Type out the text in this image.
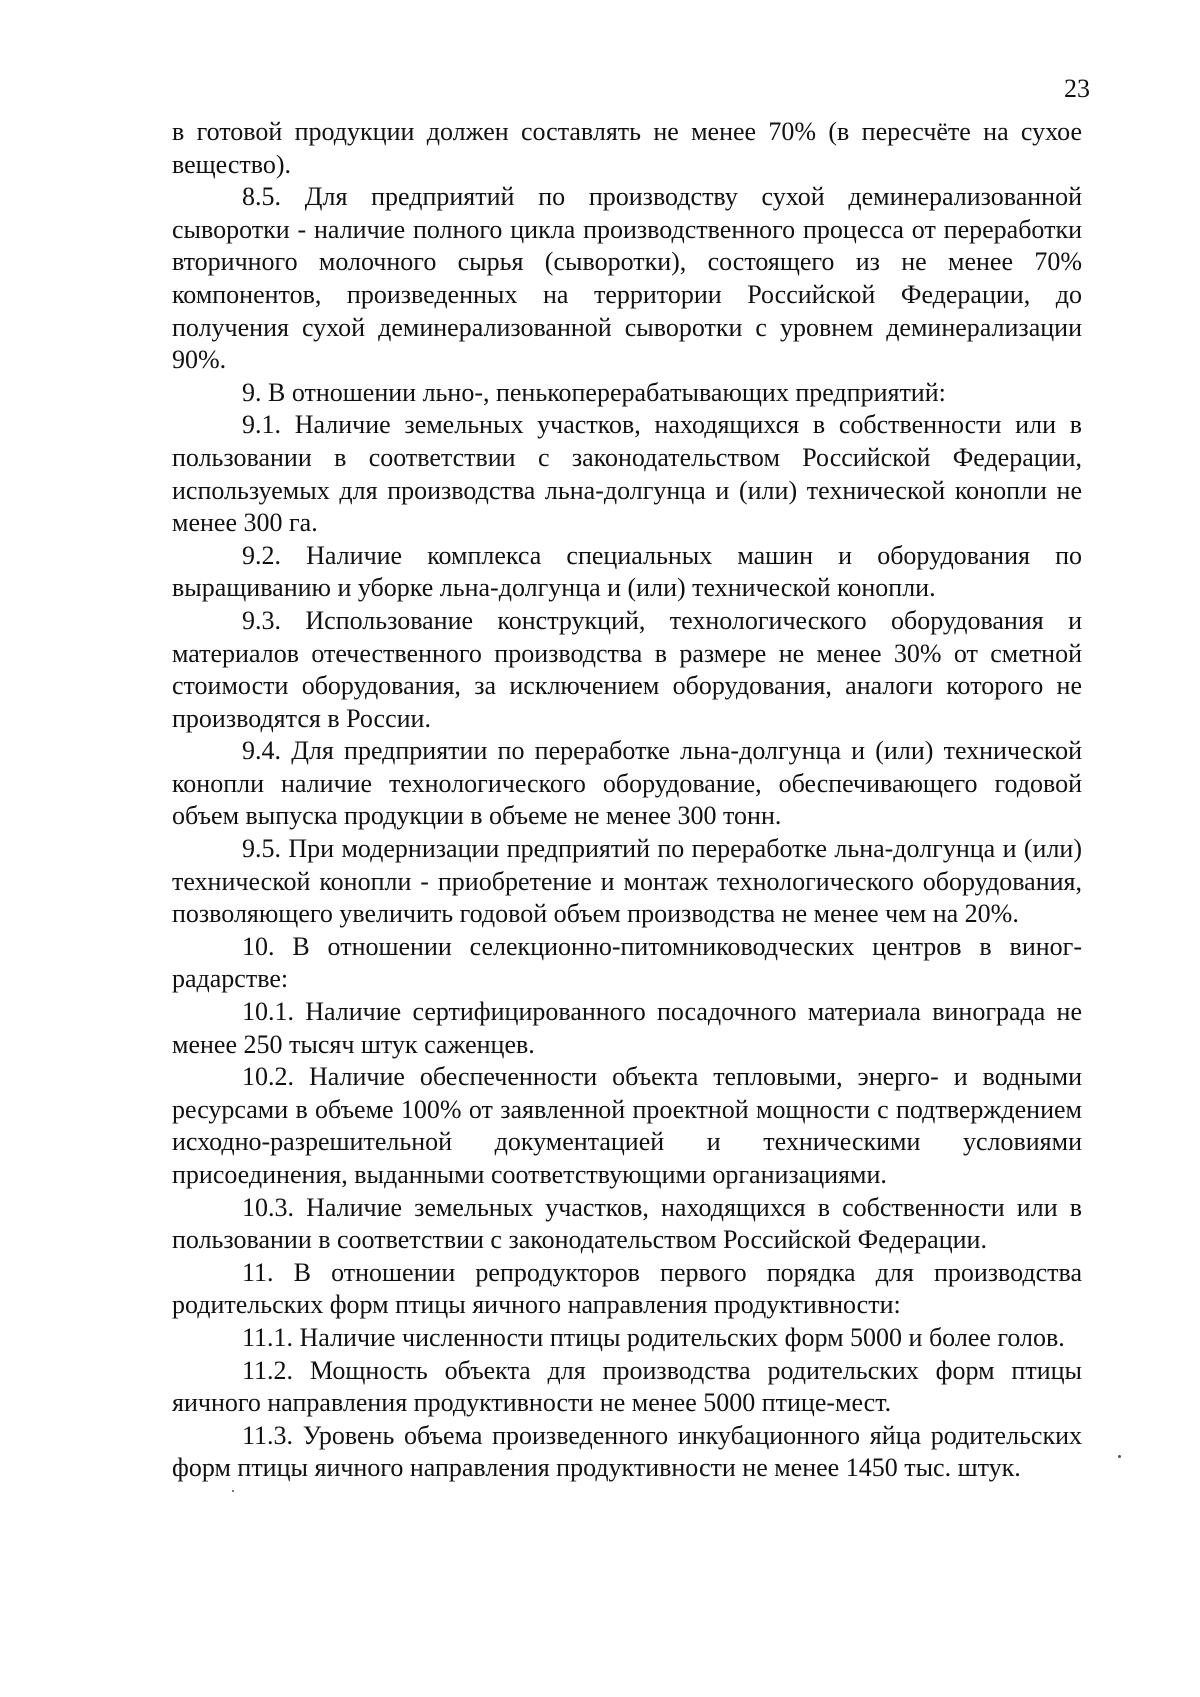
23

в готовой продукции должен составлять не менее 70% (в пересчёте на сухое вещество).

8.5. Для предприятий по производству сухой деминерализованной сыворотки - наличие полного цикла производственного процесса от переработки вторичного молочного сырья (сыворотки), состоящего из не менее 70% компонентов, произведенных на территории Российской Федерации, до получения сухой деминерализованной сыворотки с уровнем деминерализации 90%.

9. В отношении льно-, пенькоперерабатывающих предприятий:

9.1. Наличие земельных участков, находящихся в собственности или в пользовании в соответствии с законодательством Российской Федерации, используемых для производства льна-долгунца и (или) технической конопли не менее 300 га.

9.2. Наличие комплекса специальных машин и оборудования по выращиванию и уборке льна-долгунца и (или) технической конопли.

9.3. Использование конструкций, технологического оборудования и материалов отечественного производства в размере не менее 30% от сметной стоимости оборудования, за исключением оборудования, аналоги которого не производятся в России.

9.4. Для предприятии по переработке льна-долгунца и (или) технической конопли наличие технологического оборудование, обеспечивающего годовой объем выпуска продукции в объеме не менее 300 тонн.

9.5. При модернизации предприятий по переработке льна-долгунца и (или) технической конопли - приобретение и монтаж технологического оборудования, позволяющего увеличить годовой объем производства не менее чем на 20%.

10. В отношении селекционно-питомниководческих центров в виноградарстве:

10.1. Наличие сертифицированного посадочного материала винограда не менее 250 тысяч штук саженцев.

10.2. Наличие обеспеченности объекта тепловыми, энерго- и водными ресурсами в объеме 100% от заявленной проектной мощности с подтверждением исходно-разрешительной документацией и техническими условиями присоединения, выданными соответствующими организациями.

10.3. Наличие земельных участков, находящихся в собственности или в пользовании в соответствии с законодательством Российской Федерации.

11. В отношении репродукторов первого порядка для производства родительских форм птицы яичного направления продуктивности:

11.1. Наличие численности птицы родительских форм 5000 и более голов.

11.2. Мощность объекта для производства родительских форм птицы яичного направления продуктивности не менее 5000 птице-мест.

11.3. Уровень объема произведенного инкубационного яйца родительских форм птицы яичного направления продуктивности не менее 1450 тыс. штук.
